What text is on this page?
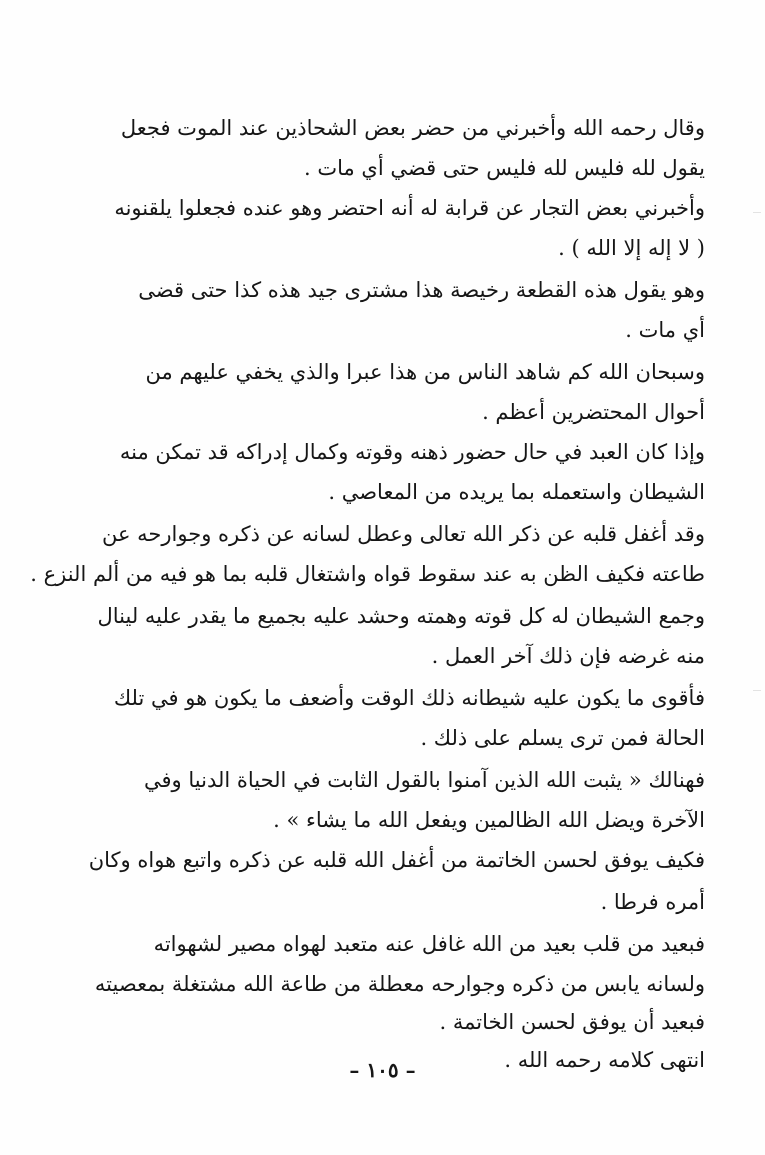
وقال رحمه الله وأخبرني من حضر بعض الشحاذين عند الموت فجعل
يقول لله فليس لله فليس حتى قضي أي مات .
وأخبرني بعض التجار عن قرابة له أنه احتضر وهو عنده فجعلوا يلقنونه
( لا إله إلا الله ) .
وهو يقول هذه القطعة رخيصة هذا مشترى جيد هذه كذا حتى قضى
أي مات .
وسبحان الله كم شاهد الناس من هذا عبرا والذي يخفي عليهم من
أحوال المحتضرين أعظم .
وإذا كان العبد في حال حضور ذهنه وقوته وكمال إدراكه قد تمكن منه
الشيطان واستعمله بما يريده من المعاصي .
وقد أغفل قلبه عن ذكر الله تعالى وعطل لسانه عن ذكره وجوارحه عن
طاعته فكيف الظن به عند سقوط قواه واشتغال قلبه بما هو فيه من ألم النزع .
وجمع الشيطان له كل قوته وهمته وحشد عليه بجميع ما يقدر عليه لينال
منه غرضه فإن ذلك آخر العمل .
فأقوى ما يكون عليه شيطانه ذلك الوقت وأضعف ما يكون هو في تلك
الحالة فمن ترى يسلم على ذلك .
فهنالك « يثبت الله الذين آمنوا بالقول الثابت في الحياة الدنيا وفي
الآخرة ويضل الله الظالمين ويفعل الله ما يشاء » .
فكيف يوفق لحسن الخاتمة من أغفل الله قلبه عن ذكره واتبع هواه وكان
أمره فرطا .
فبعيد من قلب بعيد من الله غافل عنه متعبد لهواه مصير لشهواته
ولسانه يابس من ذكره وجوارحه معطلة من طاعة الله مشتغلة بمعصيته
فبعيد أن يوفق لحسن الخاتمة .
انتهى كلامه رحمه الله .
– ١٠٥ –
